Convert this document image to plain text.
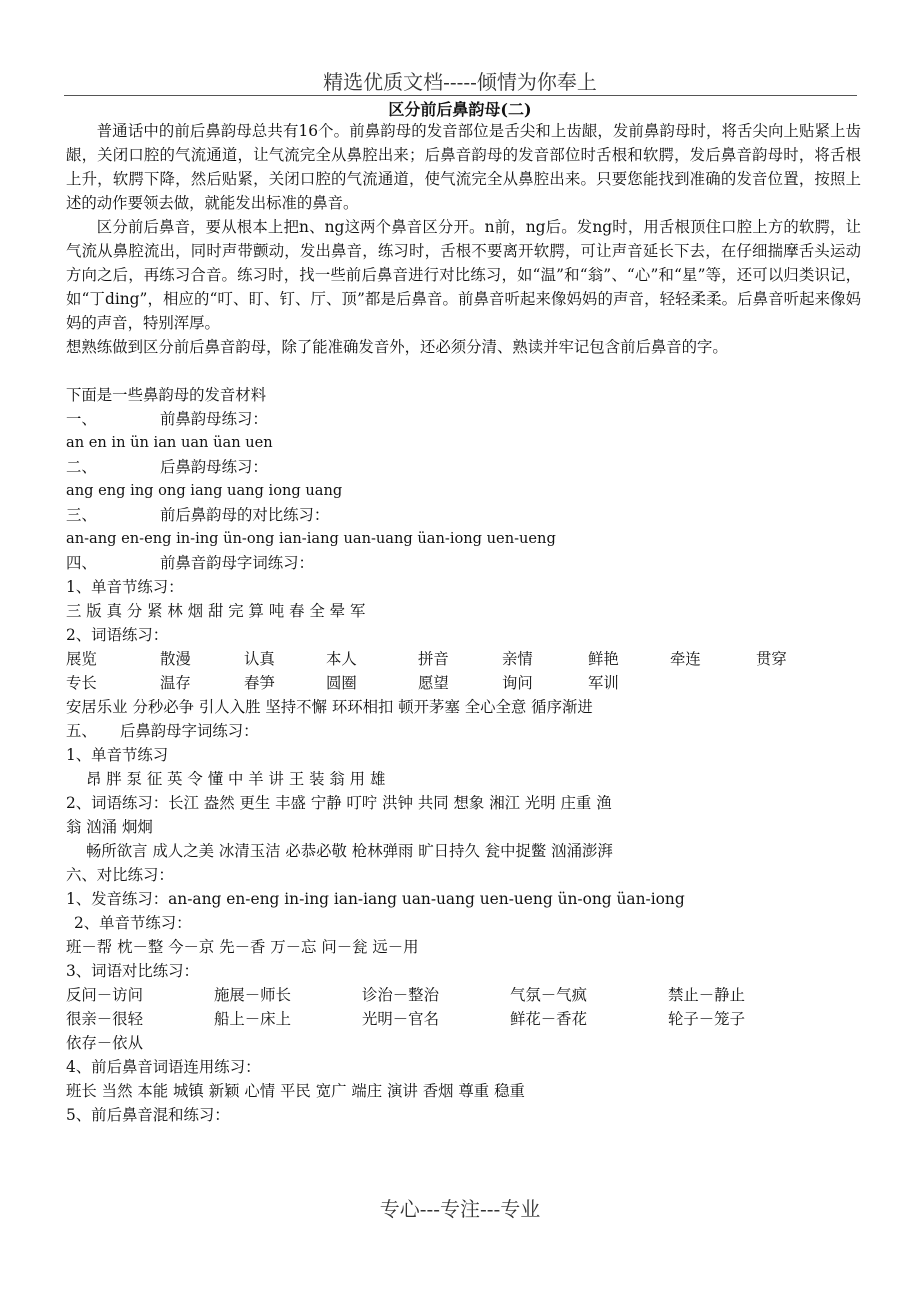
精选优质文档-----倾情为你奉上
区分前后鼻韵母(二)

普通话中的前后鼻韵母总共有16个。前鼻韵母的发音部位是舌尖和上齿龈，发前鼻韵母时，将舌尖向上贴紧上齿龈，关闭口腔的气流通道，让气流完全从鼻腔出来；后鼻音韵母的发音部位时舌根和软腭，发后鼻音韵母时，将舌根上升，软腭下降，然后贴紧，关闭口腔的气流通道，使气流完全从鼻腔出来。只要您能找到准确的发音位置，按照上述的动作要领去做，就能发出标准的鼻音。

区分前后鼻音，要从根本上把n、ng这两个鼻音区分开。n前，ng后。发ng时，用舌根顶住口腔上方的软腭，让气流从鼻腔流出，同时声带颤动，发出鼻音，练习时，舌根不要离开软腭，可让声音延长下去，在仔细揣摩舌头运动方向之后，再练习合音。练习时，找一些前后鼻音进行对比练习，如“温”和“翁”、“心”和“星”等，还可以归类识记，如“丁ding”，相应的“叮、盯、钉、厅、顶”都是后鼻音。前鼻音听起来像妈妈的声音，轻轻柔柔。后鼻音听起来像妈妈的声音，特别浑厚。

想熟练做到区分前后鼻音韵母，除了能准确发音外，还必须分清、熟读并牢记包含前后鼻音的字。

下面是一些鼻韵母的发音材料
一、	前鼻韵母练习：
an en in ün ian uan üan uen
二、	后鼻韵母练习：
ang eng ing ong iang uang iong uang
三、	前后鼻韵母的对比练习：
an-ang en-eng in-ing ün-ong ian-iang uan-uang üan-iong uen-ueng
四、	前鼻音韵母字词练习：
1、单音节练习：
三 版 真 分 紧 林 烟 甜 完 算 吨 春 全 晕 军
2、词语练习：
展览	散漫	认真	本人	拼音	亲情	鲜艳	牵连	贯穿
专长	温存	春笋	圆圈	愿望	询问	军训
安居乐业 分秒必争 引人入胜 坚持不懈 环环相扣 顿开茅塞 全心全意 循序渐进
五、 后鼻韵母字词练习：
1、单音节练习
昂 胖 泵 征 英 令 懂 中 羊 讲 王 装 翁 用 雄
2、词语练习：长江 盎然 更生 丰盛 宁静 叮咛 洪钟 共同 想象 湘江 光明 庄重 渔
翁 汹涌 炯炯
畅所欲言 成人之美 冰清玉洁 必恭必敬 枪林弹雨 旷日持久 瓮中捉鳖 汹涌澎湃
六、对比练习：
1、发音练习：an-ang en-eng in-ing ian-iang uan-uang uen-ueng ün-ong üan-iong
2、单音节练习：
班－帮 枕－整 今－京 先－香 万－忘 问－瓮 远－用
3、词语对比练习：
反问－访问	施展－师长	诊治－整治	气氛－气疯	禁止－静止
很亲－很轻	船上－床上	光明－官名	鲜花－香花	轮子－笼子
依存－依从
4、前后鼻音词语连用练习：
班长 当然 本能 城镇 新颖 心情 平民 宽广 端庄 演讲 香烟 尊重 稳重
5、前后鼻音混和练习：
专心---专注---专业
